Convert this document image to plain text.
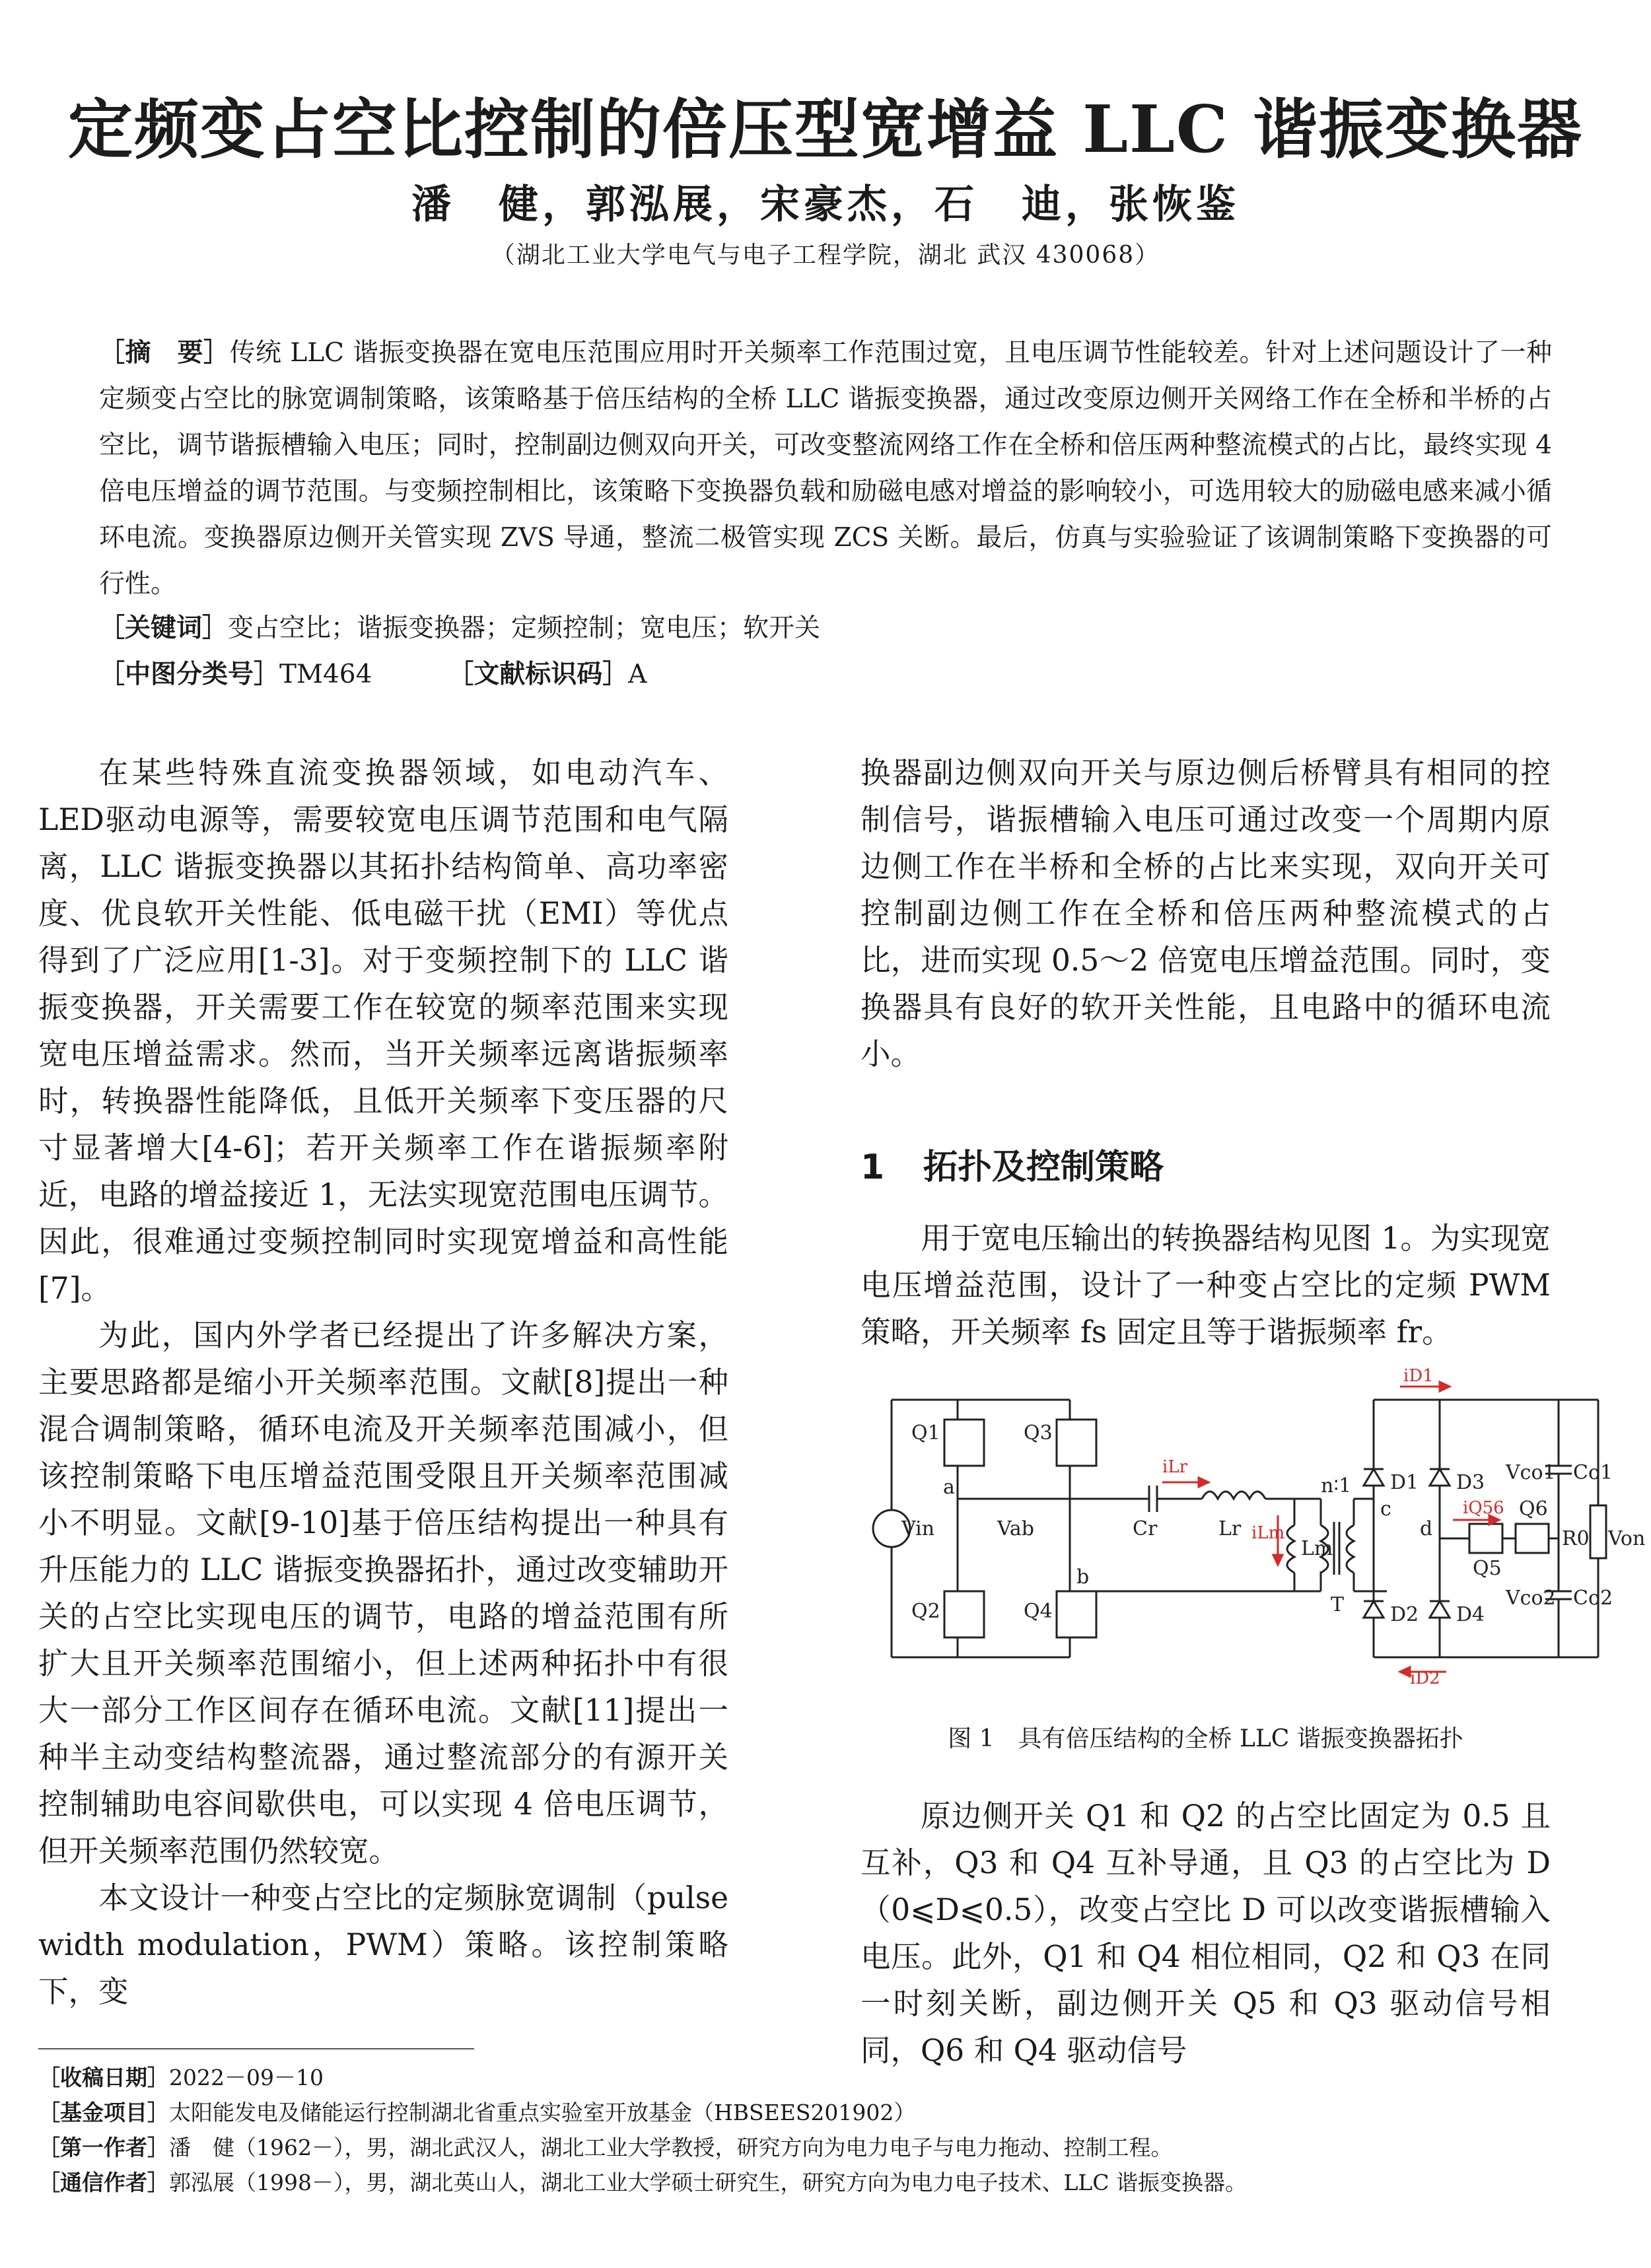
定频变占空比控制的倍压型宽增益 LLC 谐振变换器
潘　健，郭泓展，宋豪杰，石　迪，张恢鉴
（湖北工业大学电气与电子工程学院，湖北 武汉 430068）
［摘　要］传统 LLC 谐振变换器在宽电压范围应用时开关频率工作范围过宽，且电压调节性能较差。针对上述问题设计了一种定频变占空比的脉宽调制策略，该策略基于倍压结构的全桥 LLC 谐振变换器，通过改变原边侧开关网络工作在全桥和半桥的占空比，调节谐振槽输入电压；同时，控制副边侧双向开关，可改变整流网络工作在全桥和倍压两种整流模式的占比，最终实现 4 倍电压增益的调节范围。与变频控制相比，该策略下变换器负载和励磁电感对增益的影响较小，可选用较大的励磁电感来减小循环电流。变换器原边侧开关管实现 ZVS 导通，整流二极管实现 ZCS 关断。最后，仿真与实验验证了该调制策略下变换器的可行性。
［关键词］变占空比；谐振变换器；定频控制；宽电压；软开关
［中图分类号］TM464	［文献标识码］A

在某些特殊直流变换器领域，如电动汽车、LED驱动电源等，需要较宽电压调节范围和电气隔离，LLC 谐振变换器以其拓扑结构简单、高功率密度、优良软开关性能、低电磁干扰（EMI）等优点得到了广泛应用[1-3]。对于变频控制下的 LLC 谐振变换器，开关需要工作在较宽的频率范围来实现宽电压增益需求。然而，当开关频率远离谐振频率时，转换器性能降低，且低开关频率下变压器的尺寸显著增大[4-6]；若开关频率工作在谐振频率附近，电路的增益接近 1，无法实现宽范围电压调节。因此，很难通过变频控制同时实现宽增益和高性能[7]。

为此，国内外学者已经提出了许多解决方案，主要思路都是缩小开关频率范围。文献[8]提出一种混合调制策略，循环电流及开关频率范围减小，但该控制策略下电压增益范围受限且开关频率范围减小不明显。文献[9-10]基于倍压结构提出一种具有升压能力的 LLC 谐振变换器拓扑，通过改变辅助开关的占空比实现电压的调节，电路的增益范围有所扩大且开关频率范围缩小，但上述两种拓扑中有很大一部分工作区间存在循环电流。文献[11]提出一种半主动变结构整流器，通过整流部分的有源开关控制辅助电容间歇供电，可以实现 4 倍电压调节，但开关频率范围仍然较宽。

本文设计一种变占空比的定频脉宽调制（pulse width modulation，PWM）策略。该控制策略下，变

换器副边侧双向开关与原边侧后桥臂具有相同的控制信号，谐振槽输入电压可通过改变一个周期内原边侧工作在半桥和全桥的占比来实现，双向开关可控制副边侧工作在全桥和倍压两种整流模式的占比，进而实现 0.5～2 倍宽电压增益范围。同时，变换器具有良好的软开关性能，且电路中的循环电流小。

1 拓扑及控制策略

用于宽电压输出的转换器结构见图 1。为实现宽电压增益范围，设计了一种变占空比的定频 PWM 策略，开关频率 fs 固定且等于谐振频率 fr。

Vin
Q1	Q3
Q2	Q4
a
b
Vab	Cr	Lr
Lm
n∶1
T
c
d
D1 D3
D2 D4
Q5
Q6
Vco1 Co1
Vco2 Co2
R0 Von
iLr
iLm
iD1
iD2
iQ56
图 1　具有倍压结构的全桥 LLC 谐振变换器拓扑

原边侧开关 Q1 和 Q2 的占空比固定为 0.5 且互补，Q3 和 Q4 互补导通，且 Q3 的占空比为 D（0⩽D⩽0.5），改变占空比 D 可以改变谐振槽输入电压。此外，Q1 和 Q4 相位相同，Q2 和 Q3 在同一时刻关断，副边侧开关 Q5 和 Q3 驱动信号相同，Q6 和 Q4 驱动信号

［收稿日期］2022－09－10
［基金项目］太阳能发电及储能运行控制湖北省重点实验室开放基金（HBSEES201902）
［第一作者］潘　健（1962－），男，湖北武汉人，湖北工业大学教授，研究方向为电力电子与电力拖动、控制工程。
［通信作者］郭泓展（1998－），男，湖北英山人，湖北工业大学硕士研究生，研究方向为电力电子技术、LLC 谐振变换器。
